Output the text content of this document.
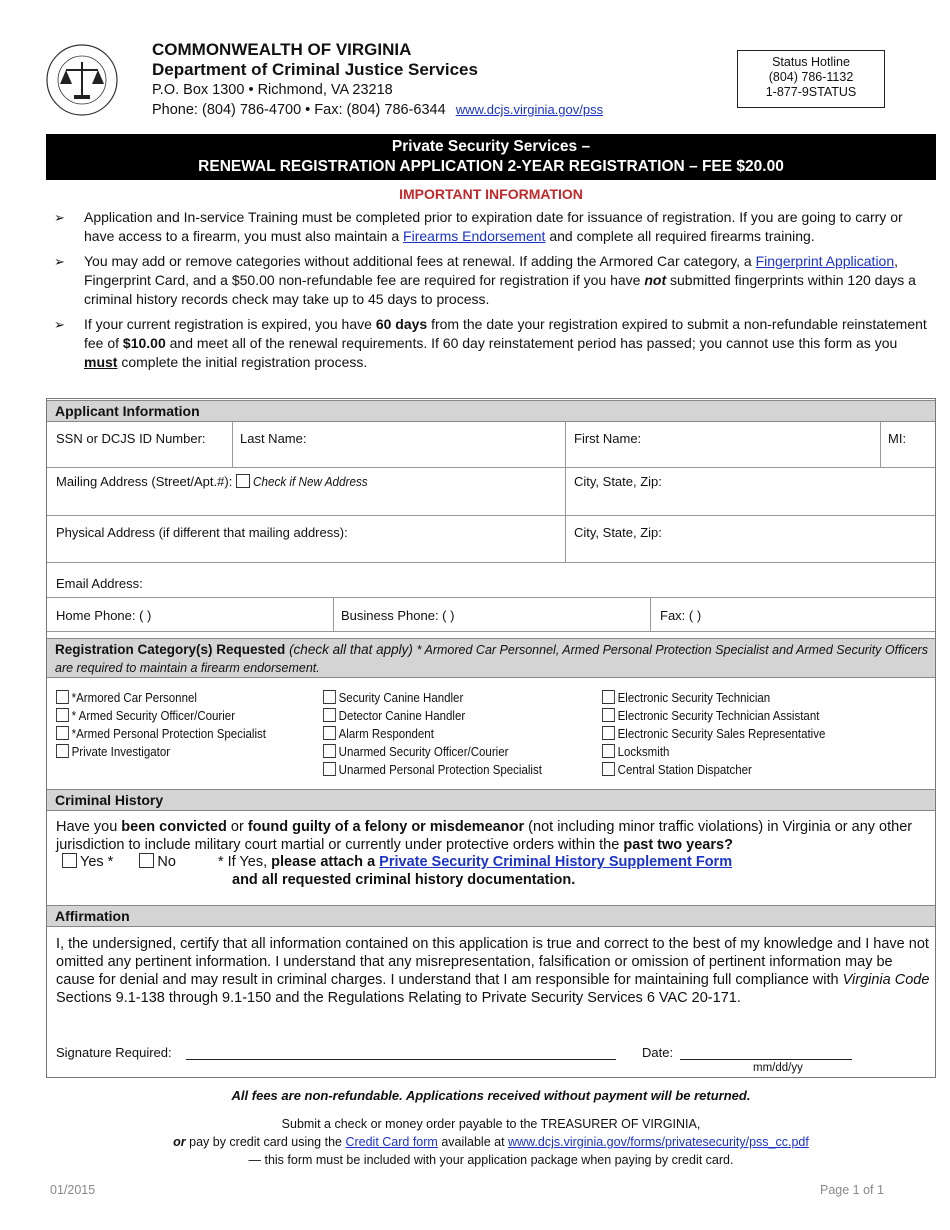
COMMONWEALTH OF VIRGINIA
Department of Criminal Justice Services
P.O. Box 1300 • Richmond, VA 23218
Phone: (804) 786-4700 • Fax: (804) 786-6344 www.dcjs.virginia.gov/pss
Status Hotline
(804) 786-1132
1-877-9STATUS
Private Security Services –
RENEWAL REGISTRATION APPLICATION 2-YEAR REGISTRATION – FEE $20.00
IMPORTANT INFORMATION
➢ Application and In-service Training must be completed prior to expiration date for issuance of registration. If you are going to carry or have access to a firearm, you must also maintain a Firearms Endorsement and complete all required firearms training.
➢ You may add or remove categories without additional fees at renewal. If adding the Armored Car category, a Fingerprint Application, Fingerprint Card, and a $50.00 non-refundable fee are required for registration if you have not submitted fingerprints within 120 days a criminal history records check may take up to 45 days to process.
➢ If your current registration is expired, you have 60 days from the date your registration expired to submit a non-refundable reinstatement fee of $10.00 and meet all of the renewal requirements. If 60 day reinstatement period has passed; you cannot use this form as you must complete the initial registration process.
Applicant Information
SSN or DCJS ID Number:	Last Name:	First Name:	MI:
Mailing Address (Street/Apt.#): Check if New Address	City, State, Zip:
Physical Address (if different that mailing address):	City, State, Zip:
Email Address:
Home Phone: ( )	Business Phone: ( )	Fax: ( )
Registration Category(s) Requested (check all that apply) * Armored Car Personnel, Armed Personal Protection Specialist and Armed Security Officers are required to maintain a firearm endorsement.
*Armored Car Personnel
* Armed Security Officer/Courier
*Armed Personal Protection Specialist
Private Investigator
Security Canine Handler
Detector Canine Handler
Alarm Respondent
Unarmed Security Officer/Courier
Unarmed Personal Protection Specialist
Electronic Security Technician
Electronic Security Technician Assistant
Electronic Security Sales Representative
Locksmith
Central Station Dispatcher
Criminal History
Have you been convicted or found guilty of a felony or misdemeanor (not including minor traffic violations) in Virginia or any other jurisdiction to include military court martial or currently under protective orders within the past two years?
Yes *	No	* If Yes, please attach a Private Security Criminal History Supplement Form
and all requested criminal history documentation.
Affirmation
I, the undersigned, certify that all information contained on this application is true and correct to the best of my knowledge and I have not omitted any pertinent information. I understand that any misrepresentation, falsification or omission of pertinent information may be cause for denial and may result in criminal charges. I understand that I am responsible for maintaining full compliance with Virginia Code Sections 9.1-138 through 9.1-150 and the Regulations Relating to Private Security Services 6 VAC 20-171.
Signature Required:	Date:
mm/dd/yy
All fees are non-refundable. Applications received without payment will be returned.
Submit a check or money order payable to the TREASURER OF VIRGINIA,
or pay by credit card using the Credit Card form available at www.dcjs.virginia.gov/forms/privatesecurity/pss_cc.pdf
— this form must be included with your application package when paying by credit card.
01/2015	Page 1 of 1
